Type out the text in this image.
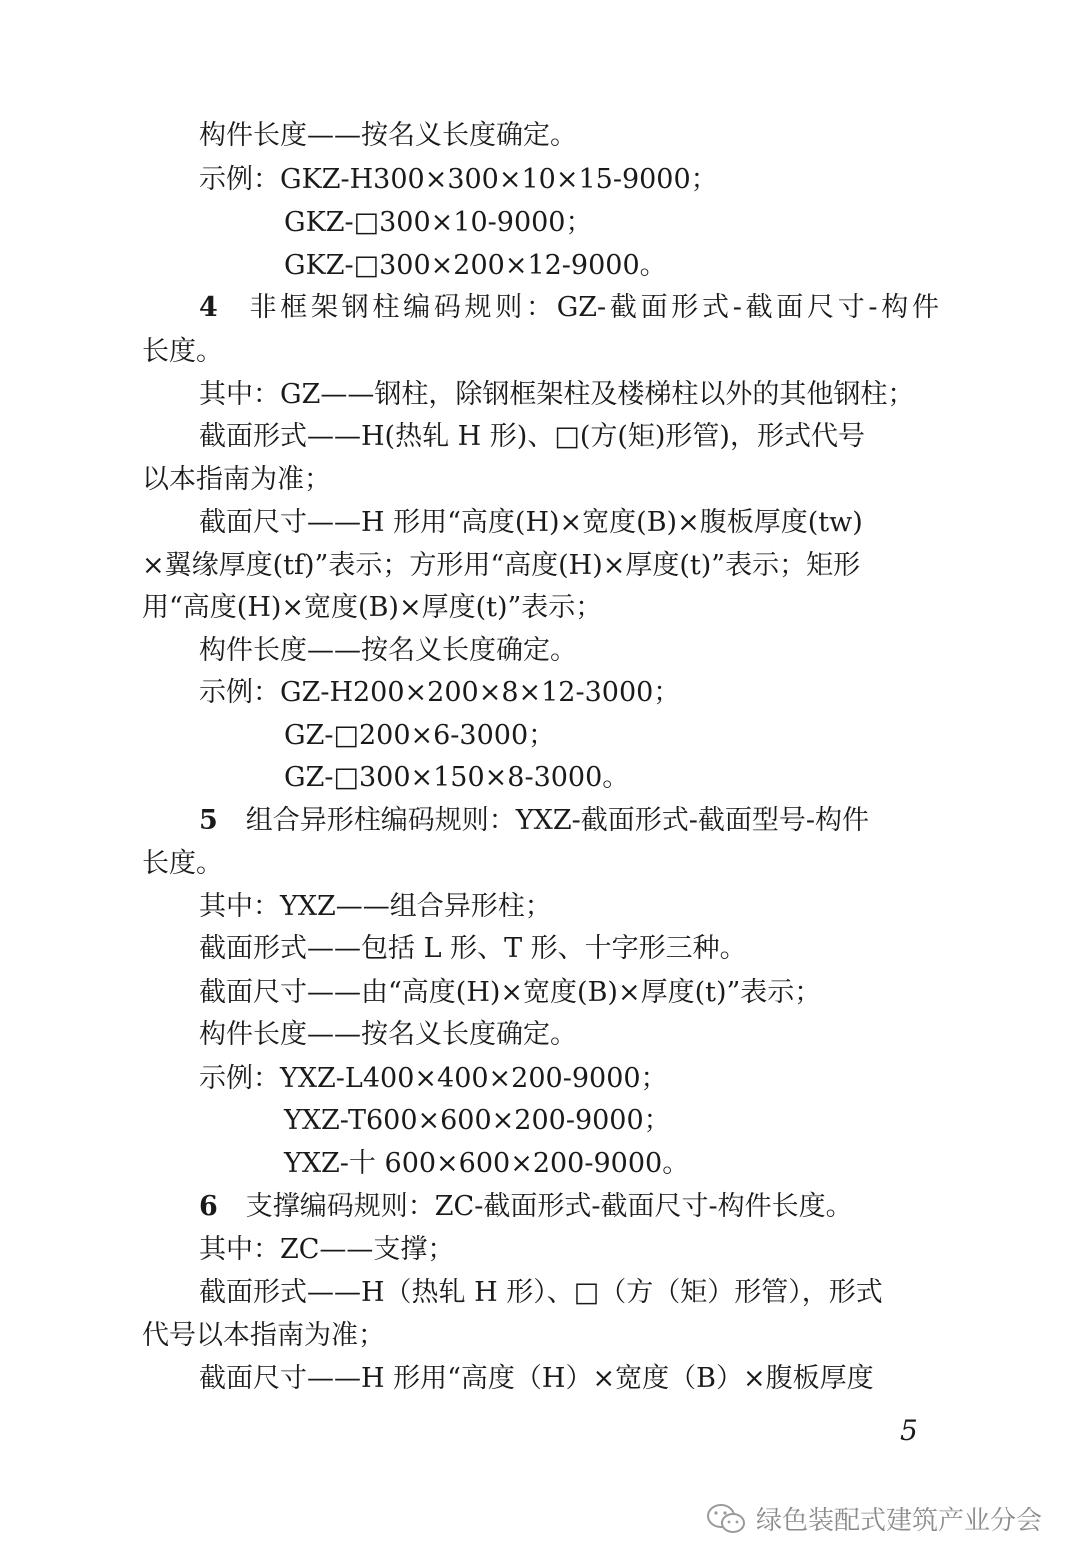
构件长度——按名义长度确定。
示例：GKZ-H300×300×10×15-9000；
GKZ-□300×10-9000；
GKZ-□300×200×12-9000。
4 非框架钢柱编码规则：GZ-截面形式-截面尺寸-构件
长度。
其中：GZ——钢柱，除钢框架柱及楼梯柱以外的其他钢柱；
截面形式——H(热轧 H 形)、□(方(矩)形管)，形式代号
以本指南为准；
截面尺寸——H 形用“高度(H)×宽度(B)×腹板厚度(tw)
×翼缘厚度(tf)”表示；方形用“高度(H)×厚度(t)”表示；矩形
用“高度(H)×宽度(B)×厚度(t)”表示；
构件长度——按名义长度确定。
示例：GZ-H200×200×8×12-3000；
GZ-□200×6-3000；
GZ-□300×150×8-3000。
5 组合异形柱编码规则：YXZ-截面形式-截面型号-构件
长度。
其中：YXZ——组合异形柱；
截面形式——包括 L 形、T 形、十字形三种。
截面尺寸——由“高度(H)×宽度(B)×厚度(t)”表示；
构件长度——按名义长度确定。
示例：YXZ-L400×400×200-9000；
YXZ-T600×600×200-9000；
YXZ-十 600×600×200-9000。
6 支撑编码规则：ZC-截面形式-截面尺寸-构件长度。
其中：ZC——支撑；
截面形式——H（热轧 H 形）、□（方（矩）形管），形式
代号以本指南为准；
截面尺寸——H 形用“高度（H）×宽度（B）×腹板厚度
5
绿色装配式建筑产业分会
